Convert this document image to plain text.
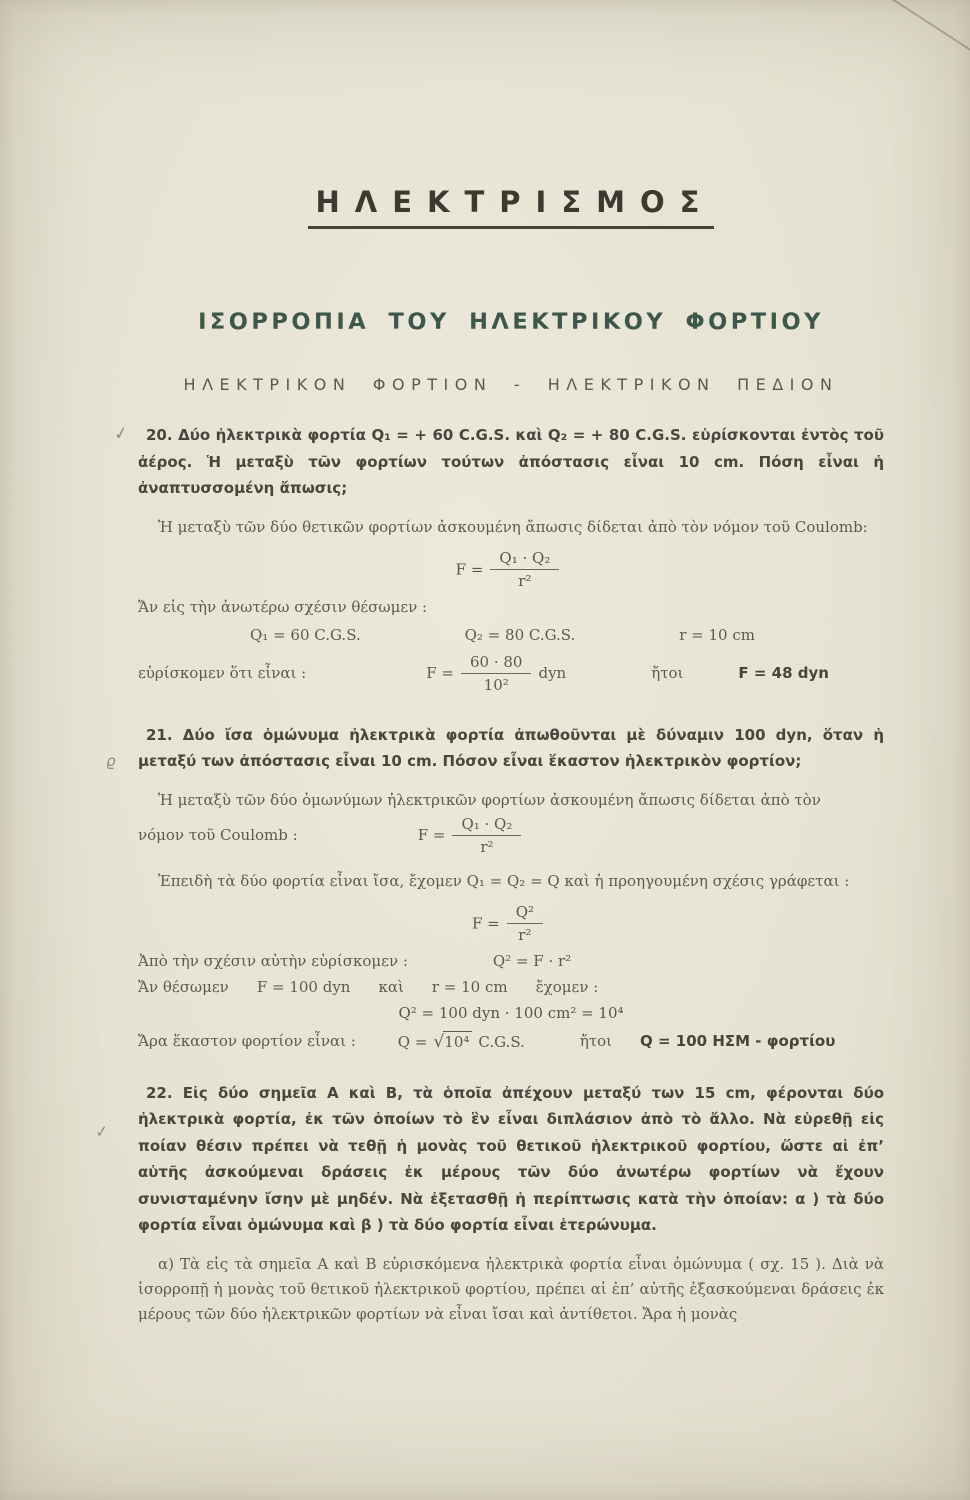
✓
ϱ
✓
ΗΛΕΚΤΡΙΣΜΟΣ
ΙΣΟΡΡΟΠΙΑ ΤΟΥ ΗΛΕΚΤΡΙΚΟΥ ΦΟΡΤΙΟΥ
ΗΛΕΚΤΡΙΚΟΝ ΦΟΡΤΙΟΝ - ΗΛΕΚΤΡΙΚΟΝ ΠΕΔΙΟΝ

20. Δύο ἠλεκτρικὰ φορτία Q₁ = + 60 C.G.S. καὶ Q₂ = + 80 C.G.S. εὑρίσκονται ἐντὸς τοῦ ἀέρος. Ἡ μεταξὺ τῶν φορτίων τούτων ἀπόστασις εἶναι 10 cm. Πόση εἶναι ἡ ἀναπτυσσομένη ἄπωσις;

Ἡ μεταξὺ τῶν δύο θετικῶν φορτίων ἀσκουμένη ἄπωσις δίδεται ἀπὸ τὸν νόμον τοῦ Coulomb:

$F = \frac{\text{Q₁ · Q₂}}{\text{r²}}$

Ἄν εἰς τὴν ἀνωτέρω σχέσιν θέσωμεν :

Q₁ = 60 C.G.S.	Q₂ = 80 C.G.S.	r = 10 cm
εὑρίσκομεν ὅτι εἶναι :	$F = \frac{60 \cdot 80}{\text{10²}}$ dyn	ἤτοι	F = 48 dyn

21. Δύο ἴσα ὁμώνυμα ἠλεκτρικὰ φορτία ἀπωθοῦνται μὲ δύναμιν 100 dyn, ὅταν ἡ μεταξύ των ἀπόστασις εἶναι 10 cm. Πόσον εἶναι ἕκαστον ἠλεκτρικὸν φορτίον;

Ἡ μεταξὺ τῶν δύο ὁμωνύμων ἠλεκτρικῶν φορτίων ἀσκουμένη ἄπωσις δίδεται ἀπὸ τὸν

νόμον τοῦ Coulomb :	$F = \frac{\text{Q₁ · Q₂}}{\text{r²}}$

Ἐπειδὴ τὰ δύο φορτία εἶναι ἴσα, ἔχομεν Q₁ = Q₂ = Q καὶ ἡ προηγουμένη σχέσις γράφεται :

$F = \frac{\text{Q²}}{\text{r²}}$
Ἀπὸ τὴν σχέσιν αὐτὴν εὑρίσκομεν :	Q² = F · r²
Ἄν θέσωμεν F = 100 dyn καὶ r = 10 cm ἔχομεν :
Q² = 100 dyn · 100 cm² = 10⁴
Ἄρα ἕκαστον φορτίον εἶναι :	Q = √ 10⁴ C.G.S.	ἤτοι Q = 100 ΗΣΜ - φορτίου

22. Εἰς δύο σημεῖα Α καὶ Β, τὰ ὁποῖα ἀπέχουν μεταξύ των 15 cm, φέρονται δύο ἠλεκτρικὰ φορτία, ἐκ τῶν ὁποίων τὸ ἓν εἶναι διπλάσιον ἀπὸ τὸ ἄλλο. Νὰ εὑρεθῇ εἰς ποίαν θέσιν πρέπει νὰ τεθῇ ἡ μονὰς τοῦ θετικοῦ ἠλεκτρικοῦ φορτίου, ὥστε αἱ ἐπ’ αὐτῆς ἀσκούμεναι δράσεις ἐκ μέρους τῶν δύο ἀνωτέρω φορτίων νὰ ἔχουν συνισταμένην ἴσην μὲ μηδέν. Νὰ ἐξετασθῇ ἡ περίπτωσις κατὰ τὴν ὁποίαν: α ) τὰ δύο φορτία εἶναι ὁμώνυμα καὶ β ) τὰ δύο φορτία εἶναι ἑτερώνυμα.

α) Τὰ εἰς τὰ σημεῖα Α καὶ Β εὑρισκόμενα ἠλεκτρικὰ φορτία εἶναι ὁμώνυμα ( σχ. 15 ). Διὰ νὰ ἰσορροπῇ ἡ μονὰς τοῦ θετικοῦ ἠλεκτρικοῦ φορτίου, πρέπει αἱ ἐπ’ αὐτῆς ἐξασκούμεναι δράσεις ἐκ μέρους τῶν δύο ἠλεκτρικῶν φορτίων νὰ εἶναι ἴσαι καὶ ἀντίθετοι. Ἄρα ἡ μονὰς
